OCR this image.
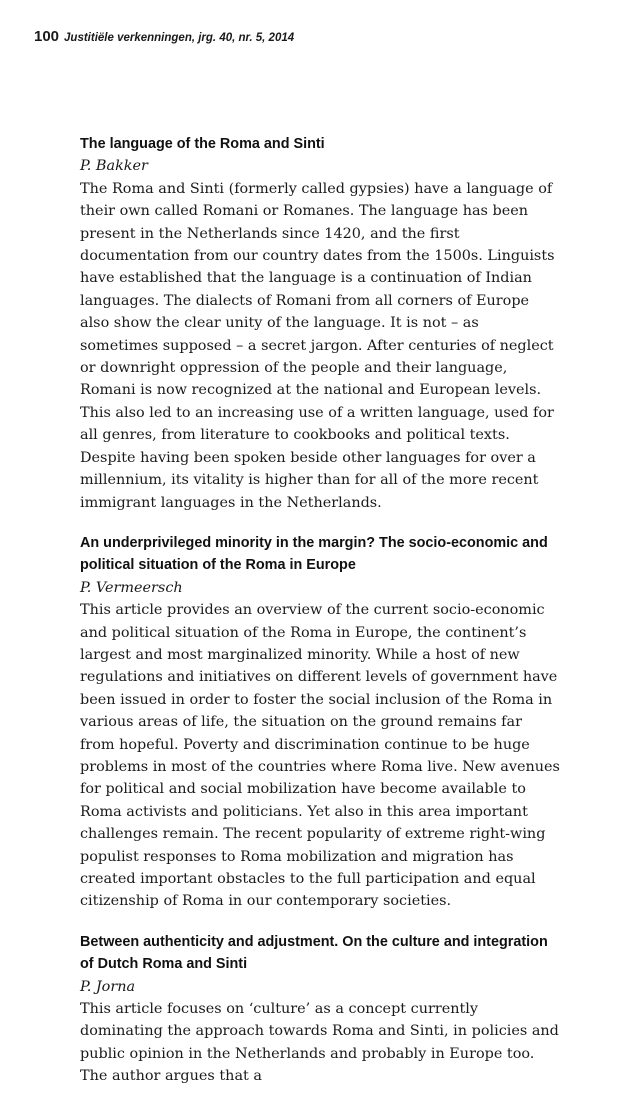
100 Justitiële verkenningen, jrg. 40, nr. 5, 2014

The language of the Roma and Sinti

P. Bakker

The Roma and Sinti (formerly called gypsies) have a language of their own called Romani or Romanes. The language has been present in the Netherlands since 1420, and the first documentation from our country dates from the 1500s. Linguists have established that the language is a continuation of Indian languages. The dialects of Romani from all corners of Europe also show the clear unity of the language. It is not – as sometimes supposed – a secret jargon. After centuries of neglect or downright oppression of the people and their language, Romani is now recognized at the national and European levels. This also led to an increasing use of a written language, used for all genres, from literature to cookbooks and political texts. Despite having been spoken beside other languages for over a millennium, its vitality is higher than for all of the more recent immigrant languages in the Netherlands.

An underprivileged minority in the margin? The socio-economic and political situation of the Roma in Europe

P. Vermeersch

This article provides an overview of the current socio-economic and political situation of the Roma in Europe, the continent’s largest and most marginalized minority. While a host of new regulations and initiatives on different levels of government have been issued in order to foster the social inclusion of the Roma in various areas of life, the situation on the ground remains far from hopeful. Poverty and discrimination continue to be huge problems in most of the countries where Roma live. New avenues for political and social mobilization have become available to Roma activists and politicians. Yet also in this area important challenges remain. The recent popularity of extreme right-wing populist responses to Roma mobilization and migration has created important obstacles to the full participation and equal citizenship of Roma in our contemporary societies.

Between authenticity and adjustment. On the culture and integration of Dutch Roma and Sinti

P. Jorna

This article focuses on ‘culture’ as a concept currently dominating the approach towards Roma and Sinti, in policies and public opinion in the Netherlands and probably in Europe too. The author argues that a
